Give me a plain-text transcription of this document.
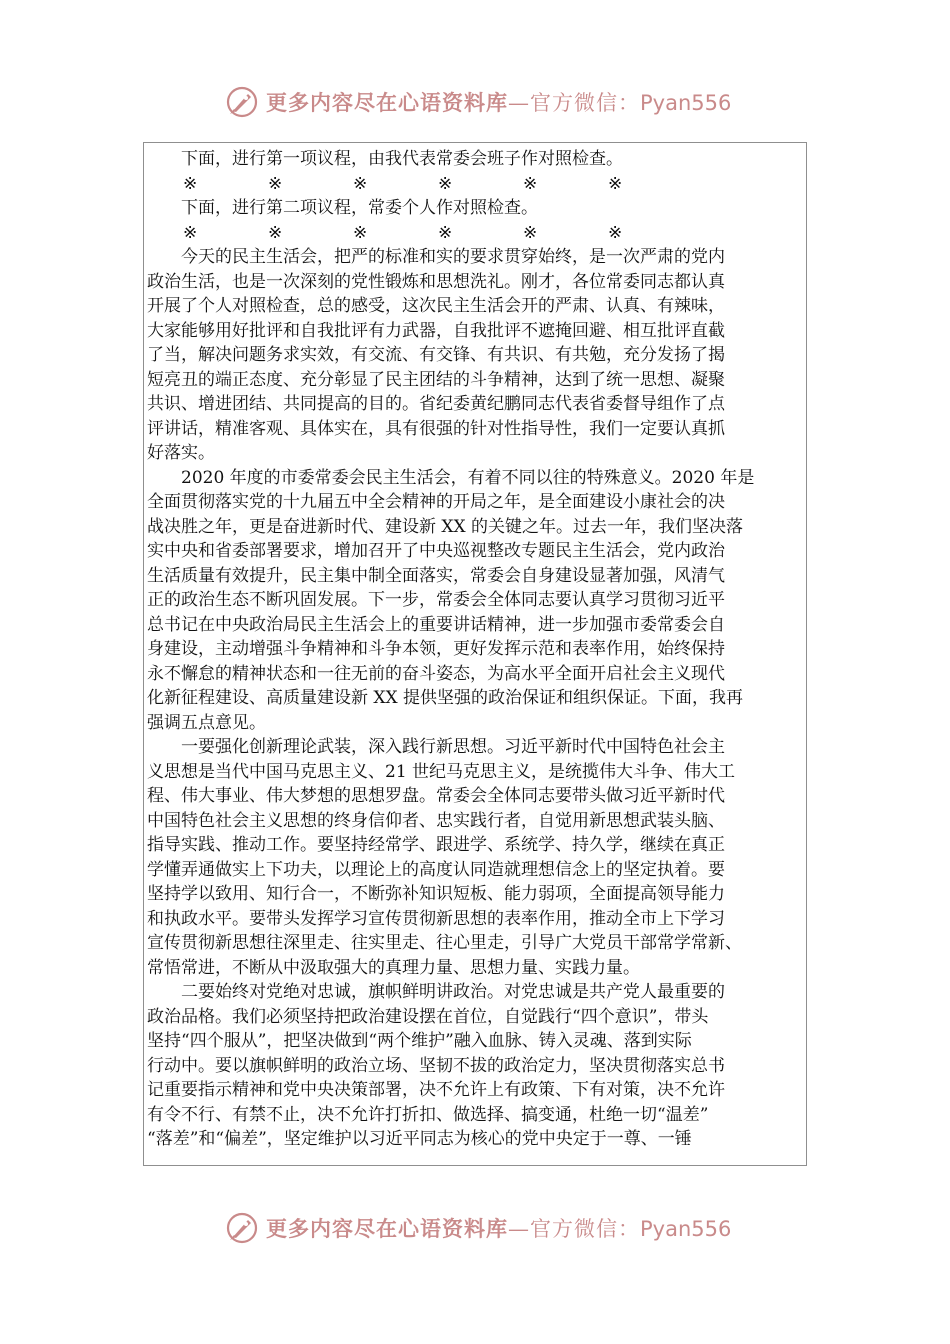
更多内容尽在心语资料库—官方微信：Pyan556
下面，进行第一项议程，由我代表常委会班子作对照检查。
※	※	※	※	※	※
下面，进行第二项议程，常委个人作对照检查。
※	※	※	※	※	※
今天的民主生活会，把严的标准和实的要求贯穿始终，是一次严肃的党内
政治生活，也是一次深刻的党性锻炼和思想洗礼。刚才，各位常委同志都认真
开展了个人对照检查，总的感受，这次民主生活会开的严肃、认真、有辣味，
大家能够用好批评和自我批评有力武器，自我批评不遮掩回避、相互批评直截
了当，解决问题务求实效，有交流、有交锋、有共识、有共勉，充分发扬了揭
短亮丑的端正态度、充分彰显了民主团结的斗争精神，达到了统一思想、凝聚
共识、增进团结、共同提高的目的。省纪委黄纪鹏同志代表省委督导组作了点
评讲话，精准客观、具体实在，具有很强的针对性指导性，我们一定要认真抓
好落实。
2020 年度的市委常委会民主生活会，有着不同以往的特殊意义。2020 年是
全面贯彻落实党的十九届五中全会精神的开局之年，是全面建设小康社会的决
战决胜之年，更是奋进新时代、建设新 XX 的关键之年。过去一年，我们坚决落
实中央和省委部署要求，增加召开了中央巡视整改专题民主生活会，党内政治
生活质量有效提升，民主集中制全面落实，常委会自身建设显著加强，风清气
正的政治生态不断巩固发展。下一步，常委会全体同志要认真学习贯彻习近平
总书记在中央政治局民主生活会上的重要讲话精神，进一步加强市委常委会自
身建设，主动增强斗争精神和斗争本领，更好发挥示范和表率作用，始终保持
永不懈怠的精神状态和一往无前的奋斗姿态，为高水平全面开启社会主义现代
化新征程建设、高质量建设新 XX 提供坚强的政治保证和组织保证。下面，我再
强调五点意见。
一要强化创新理论武装，深入践行新思想。习近平新时代中国特色社会主
义思想是当代中国马克思主义、21 世纪马克思主义，是统揽伟大斗争、伟大工
程、伟大事业、伟大梦想的思想罗盘。常委会全体同志要带头做习近平新时代
中国特色社会主义思想的终身信仰者、忠实践行者，自觉用新思想武装头脑、
指导实践、推动工作。要坚持经常学、跟进学、系统学、持久学，继续在真正
学懂弄通做实上下功夫，以理论上的高度认同造就理想信念上的坚定执着。要
坚持学以致用、知行合一，不断弥补知识短板、能力弱项，全面提高领导能力
和执政水平。要带头发挥学习宣传贯彻新思想的表率作用，推动全市上下学习
宣传贯彻新思想往深里走、往实里走、往心里走，引导广大党员干部常学常新、
常悟常进，不断从中汲取强大的真理力量、思想力量、实践力量。
二要始终对党绝对忠诚，旗帜鲜明讲政治。对党忠诚是共产党人最重要的
政治品格。我们必须坚持把政治建设摆在首位，自觉践行“四个意识”，带头
坚持“四个服从”，把坚决做到“两个维护”融入血脉、铸入灵魂、落到实际
行动中。要以旗帜鲜明的政治立场、坚韧不拔的政治定力，坚决贯彻落实总书
记重要指示精神和党中央决策部署，决不允许上有政策、下有对策，决不允许
有令不行、有禁不止，决不允许打折扣、做选择、搞变通，杜绝一切“温差”
“落差”和“偏差”，坚定维护以习近平同志为核心的党中央定于一尊、一锤
更多内容尽在心语资料库—官方微信：Pyan556
